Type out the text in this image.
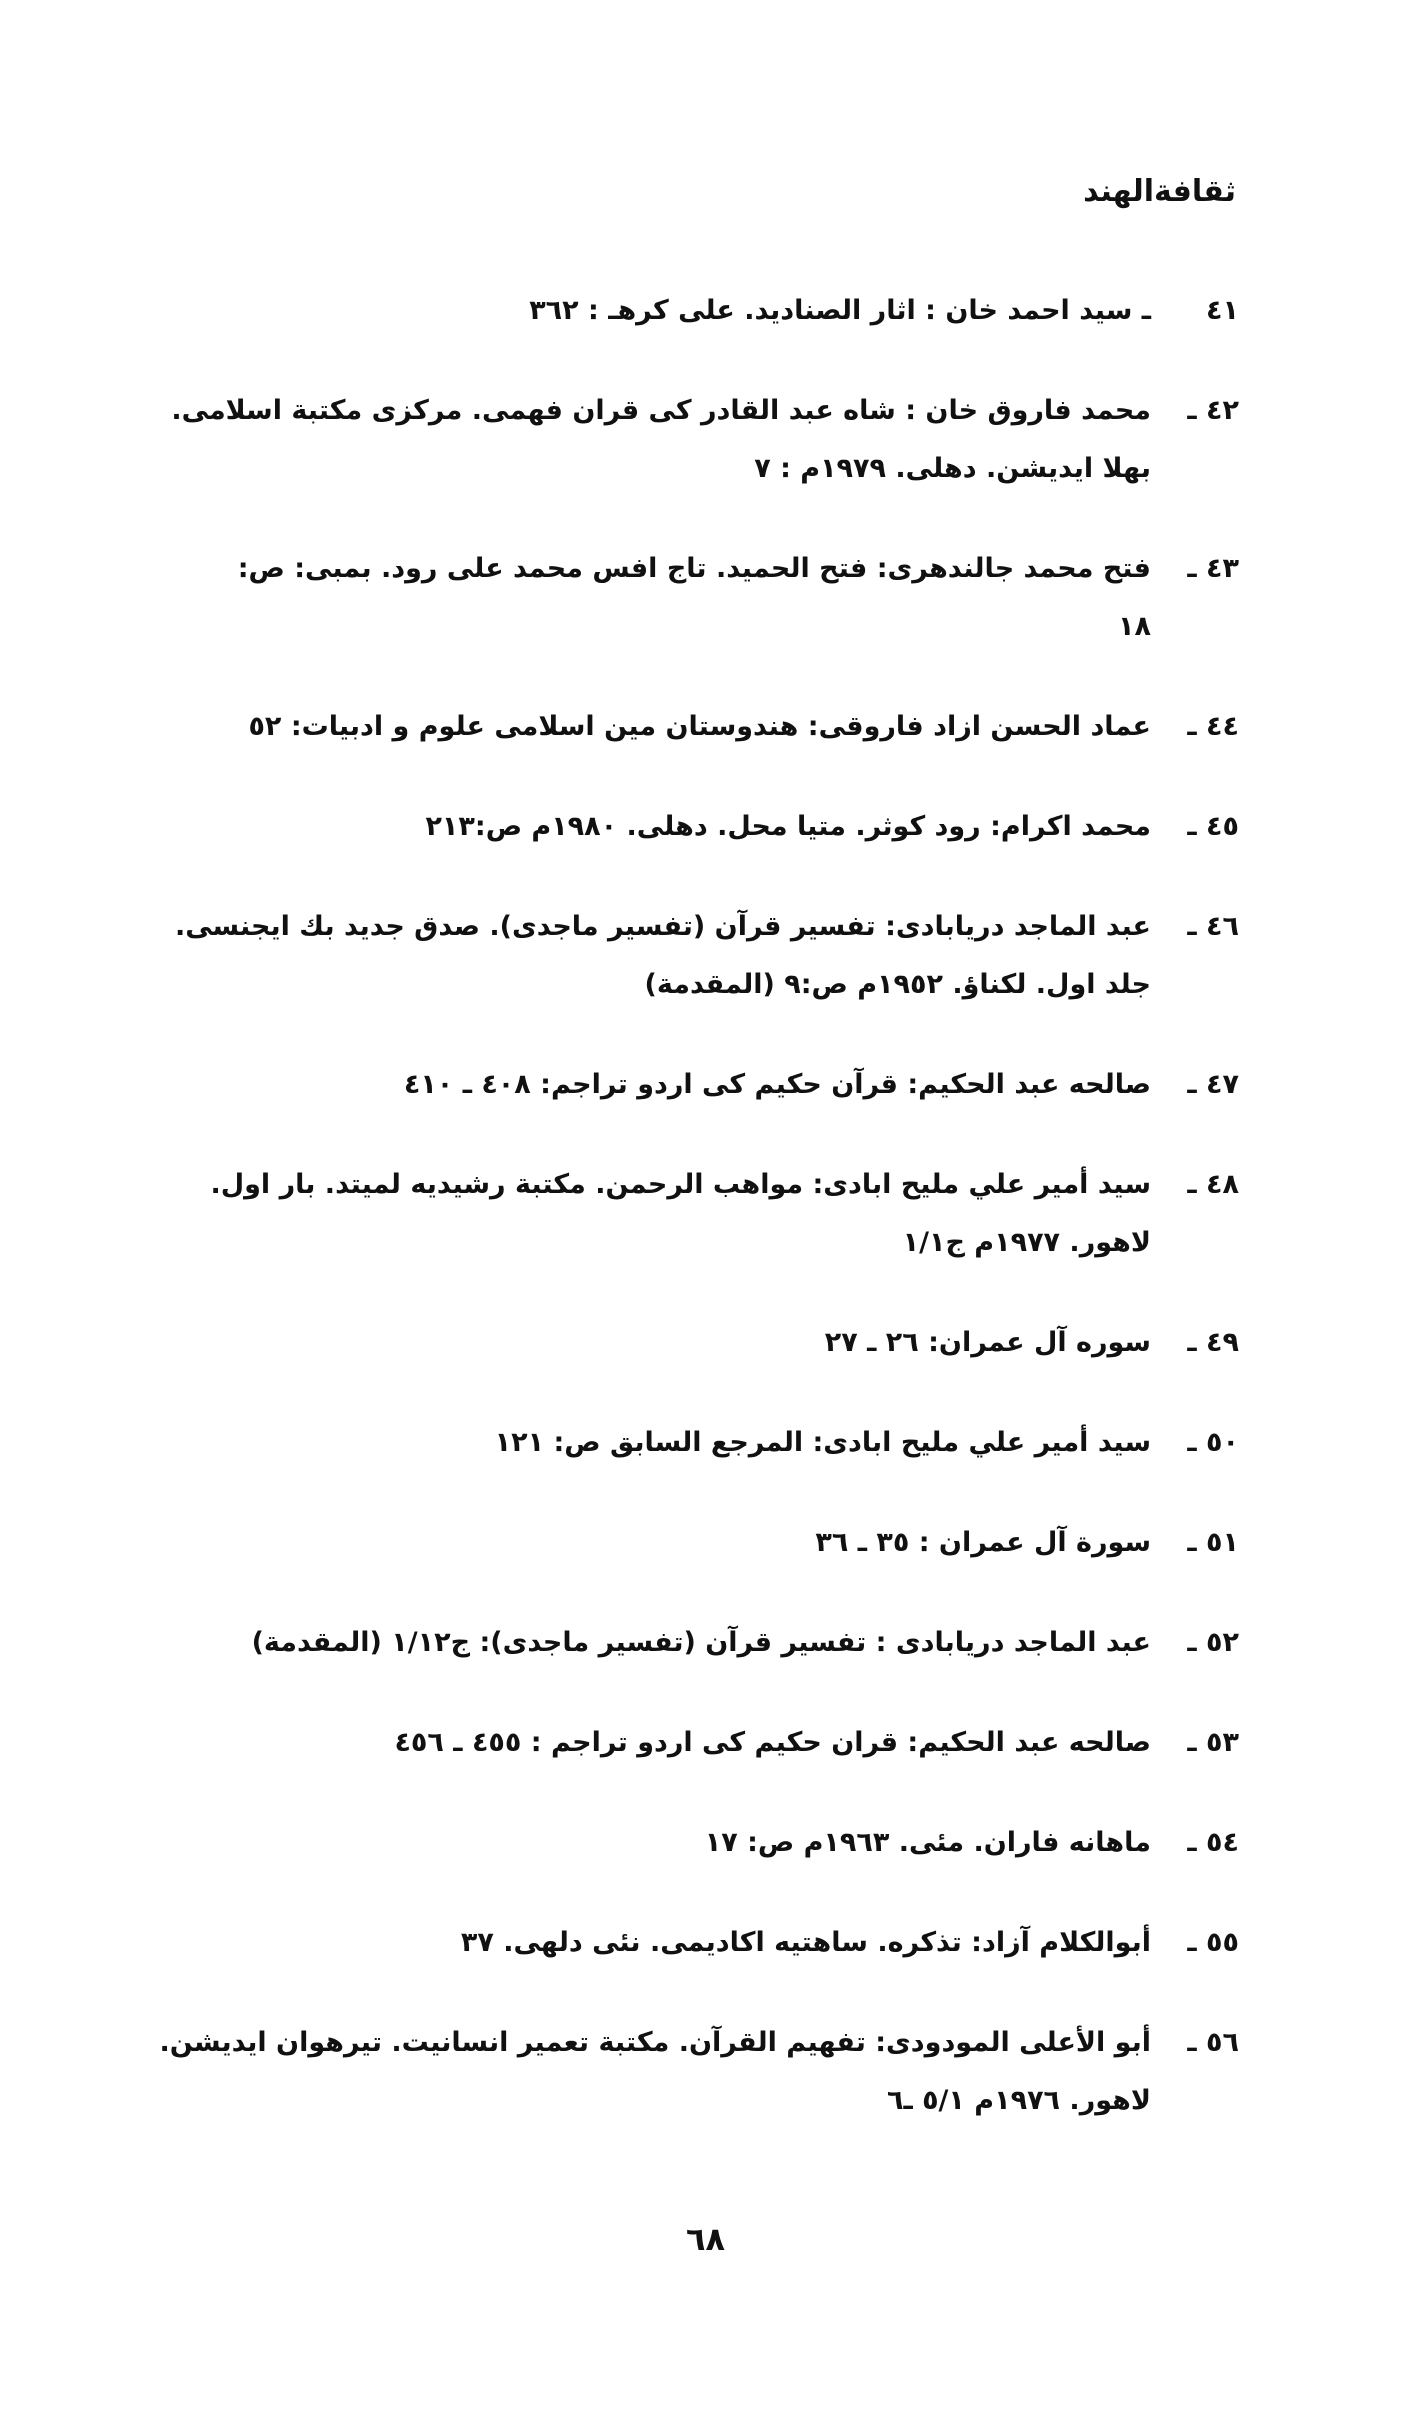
ثقافةالهند
٤١
ـ سيد احمد خان : اثار الصناديد. على كرهـ : ٣٦٢
٤٢ ـ
محمد فاروق خان : شاه عبد القادر كى قران فهمى. مركزى مكتبة اسلامى.
بهلا ايديشن. دهلى. ١٩٧٩م : ٧
٤٣ ـ
فتح محمد جالندهرى: فتح الحميد. تاج افس محمد على رود. بمبى: ص:
١٨
٤٤ ـ
عماد الحسن ازاد فاروقى: هندوستان مين اسلامى علوم و ادبيات: ٥٢
٤٥ ـ
محمد اكرام: رود كوثر. متيا محل. دهلى. ١٩٨٠م ص:٢١٣
٤٦ ـ
عبد الماجد دريابادى: تفسير قرآن (تفسير ماجدى). صدق جديد بك ايجنسى.
جلد اول. لكناؤ. ١٩٥٢م ص:٩ (المقدمة)
٤٧ ـ
صالحه عبد الحكيم: قرآن حكيم كى اردو تراجم: ٤٠٨ ـ ٤١٠
٤٨ ـ
سيد أمير علي مليح ابادى: مواهب الرحمن. مكتبة رشيديه لميتد. بار اول.
لاهور. ١٩٧٧م ج١/١
٤٩ ـ
سوره آل عمران: ٢٦ ـ ٢٧
٥٠ ـ
سيد أمير علي مليح ابادى: المرجع السابق ص: ١٢١
٥١ ـ
سورة آل عمران : ٣٥ ـ ٣٦
٥٢ ـ
عبد الماجد دريابادى : تفسير قرآن (تفسير ماجدى): ج١/١٢ (المقدمة)
٥٣ ـ
صالحه عبد الحكيم: قران حكيم كى اردو تراجم : ٤٥٥ ـ ٤٥٦
٥٤ ـ
ماهانه فاران. مئى. ١٩٦٣م ص: ١٧
٥٥ ـ
أبوالكلام آزاد: تذكره. ساهتيه اكاديمى. نئى دلهى. ٣٧
٥٦ ـ
أبو الأعلى المودودى: تفهيم القرآن. مكتبة تعمير انسانيت. تيرهوان ايديشن.
لاهور. ١٩٧٦م ٥/١ ـ٦
٦٨
